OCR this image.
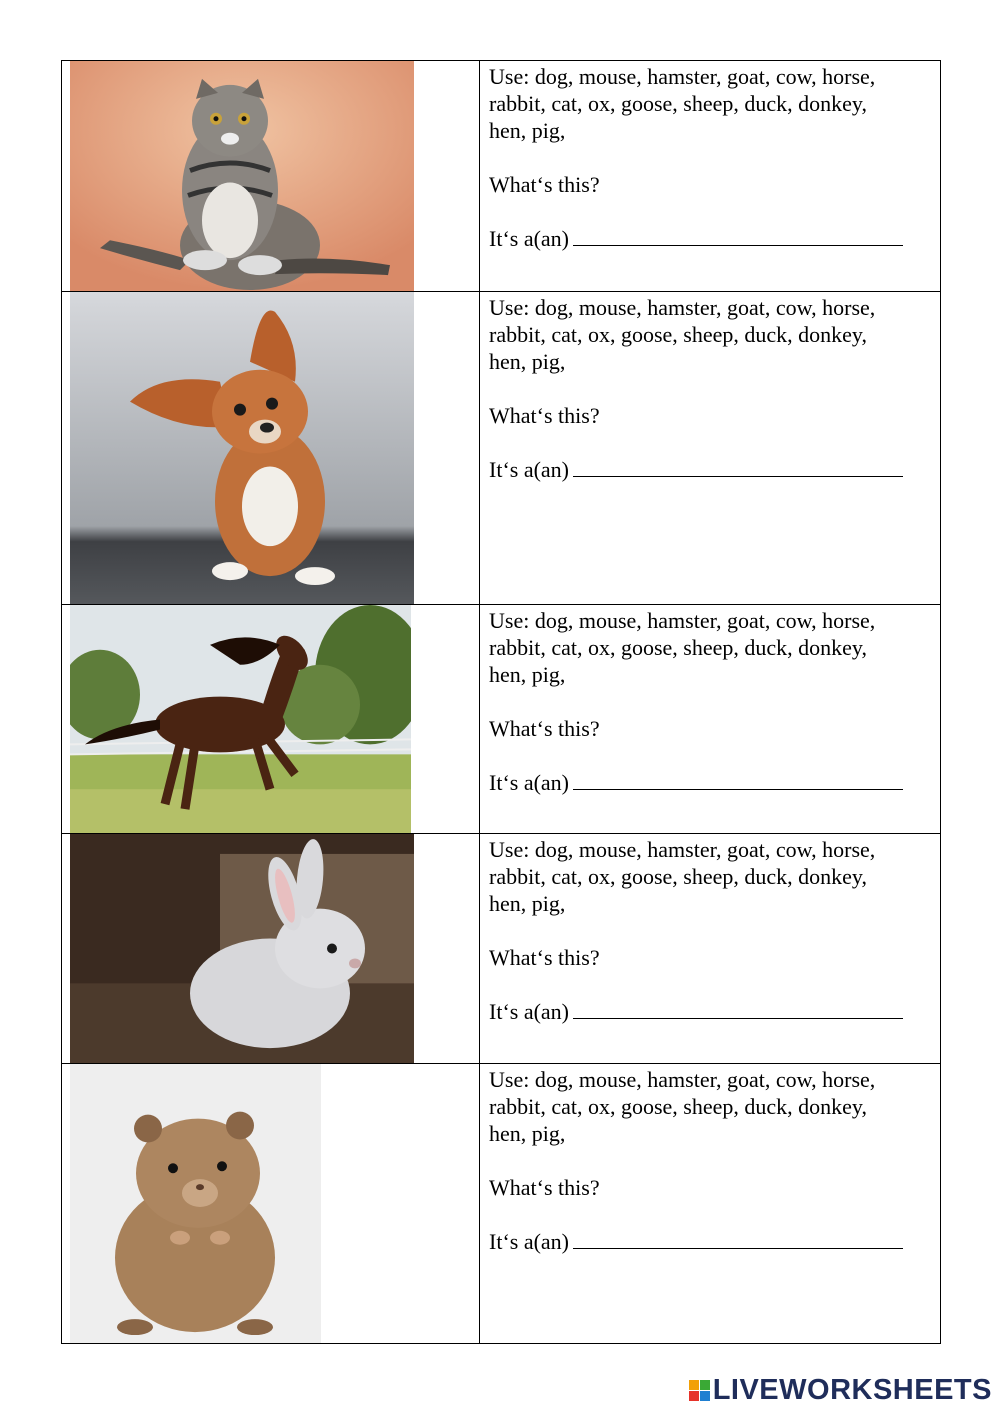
Use: dog, mouse, hamster, goat, cow, horse,

rabbit, cat, ox, goose, sheep, duck, donkey,

hen, pig,

What‘s this?

It‘s a(an)

Use: dog, mouse, hamster, goat, cow, horse,

rabbit, cat, ox, goose, sheep, duck, donkey,

hen, pig,

What‘s this?

It‘s a(an)

Use: dog, mouse, hamster, goat, cow, horse,

rabbit, cat, ox, goose, sheep, duck, donkey,

hen, pig,

What‘s this?

It‘s a(an)

Use: dog, mouse, hamster, goat, cow, horse,

rabbit, cat, ox, goose, sheep, duck, donkey,

hen, pig,

What‘s this?

It‘s a(an)

Use: dog, mouse, hamster, goat, cow, horse,

rabbit, cat, ox, goose, sheep, duck, donkey,

hen, pig,

What‘s this?

It‘s a(an)

LIVEWORKSHEETS
